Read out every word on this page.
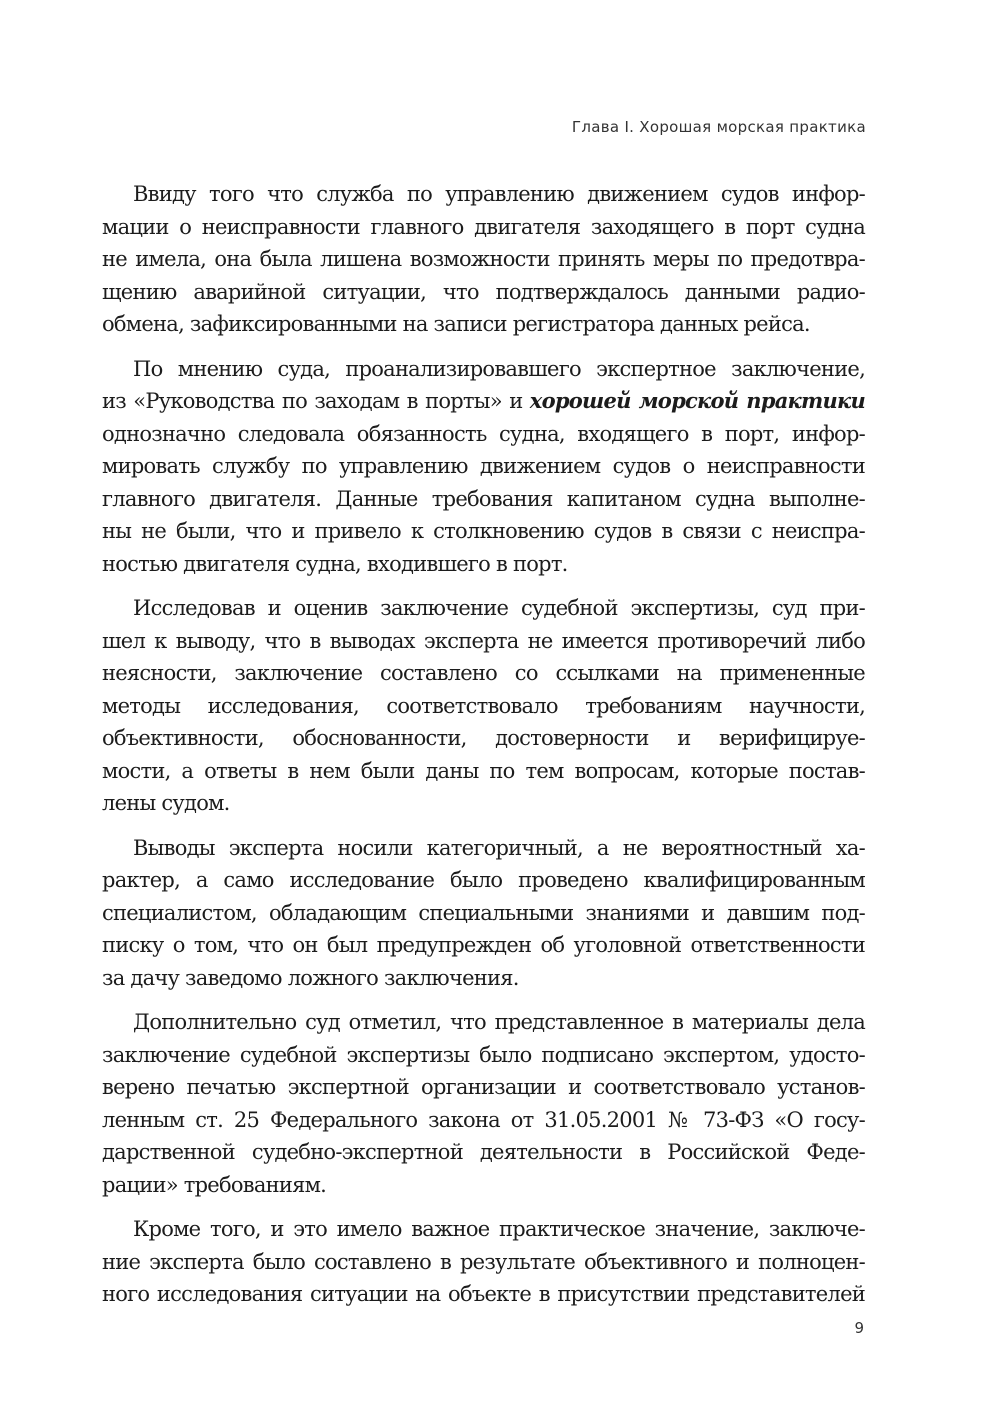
Глава I. Хорошая морская практика

Ввиду того что служба по управлению движением судов инфор-
мации о неисправности главного двигателя заходящего в порт судна
не имела, она была лишена возможности принять меры по предотвра-
щению аварийной ситуации, что подтверждалось данными радио-
обмена, зафиксированными на записи регистратора данных рейса.

По мнению суда, проанализировавшего экспертное заключение,
из «Руководства по заходам в порты» и хорошей морской практики
однозначно следовала обязанность судна, входящего в порт, инфор-
мировать службу по управлению движением судов о неисправности
главного двигателя. Данные требования капитаном судна выполне-
ны не были, что и привело к столкновению судов в связи с неиспра-
ностью двигателя судна, входившего в порт.

Исследовав и оценив заключение судебной экспертизы, суд при-
шел к выводу, что в выводах эксперта не имеется противоречий либо
неясности, заключение составлено со ссылками на примененные
методы исследования, соответствовало требованиям научности,
объективности, обоснованности, достоверности и верифицируе-
мости, а ответы в нем были даны по тем вопросам, которые постав-
лены судом.

Выводы эксперта носили категоричный, а не вероятностный ха-
рактер, а само исследование было проведено квалифицированным
специалистом, обладающим специальными знаниями и давшим под-
писку о том, что он был предупрежден об уголовной ответственности
за дачу заведомо ложного заключения.

Дополнительно суд отметил, что представленное в материалы дела
заключение судебной экспертизы было подписано экспертом, удосто-
верено печатью экспертной организации и соответствовало установ-
ленным ст. 25 Федерального закона от 31.05.2001 № 73-ФЗ «О госу-
дарственной судебно-экспертной деятельности в Российской Феде-
рации» требованиям.

Кроме того, и это имело важное практическое значение, заключе-
ние эксперта было составлено в результате объективного и полноцен-
ного исследования ситуации на объекте в присутствии представителей

9
